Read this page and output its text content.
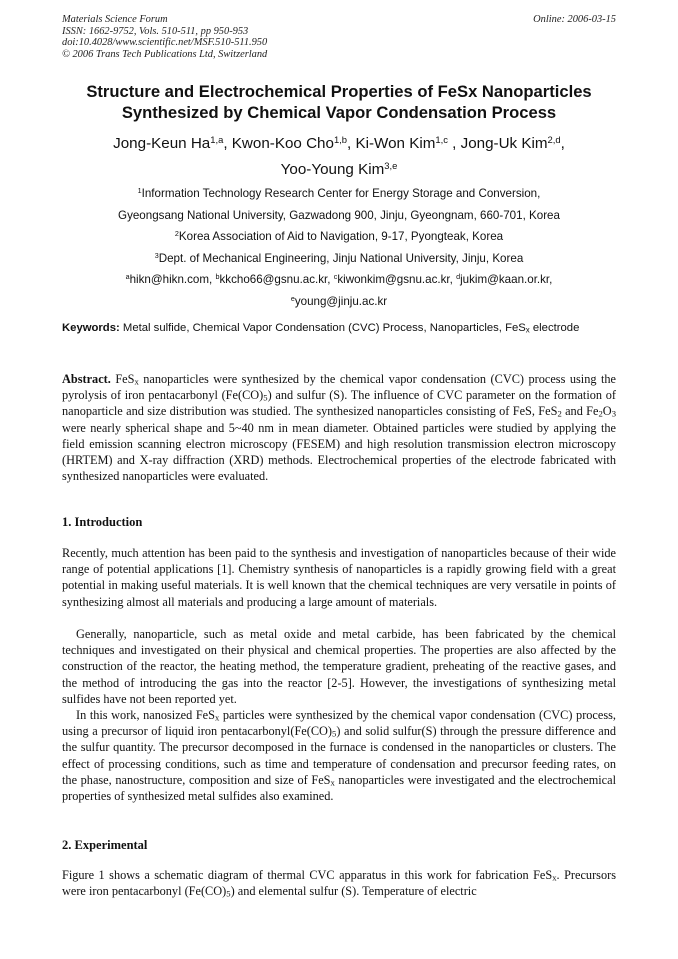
Materials Science Forum
ISSN: 1662-9752, Vols. 510-511, pp 950-953
doi:10.4028/www.scientific.net/MSF.510-511.950
© 2006 Trans Tech Publications Ltd, Switzerland
Online: 2006-03-15
Structure and Electrochemical Properties of FeSx Nanoparticles
Synthesized by Chemical Vapor Condensation Process
Jong-Keun Ha$^{1,a}$, Kwon-Koo Cho$^{1,b}$, Ki-Won Kim$^{1,c}$ , Jong-Uk Kim$^{2,d}$,
Yoo-Young Kim$^{3,e}$
$^1$Information Technology Research Center for Energy Storage and Conversion,
Gyeongsang National University, Gazwadong 900, Jinju, Gyeongnam, 660-701, Korea
$^2$Korea Association of Aid to Navigation, 9-17, Pyongteak, Korea
$^3$Dept. of Mechanical Engineering, Jinju National University, Jinju, Korea
$^a$hikn@hikn.com, $^b$kkcho66@gsnu.ac.kr, $^c$kiwonkim@gsnu.ac.kr, $^d$jukim@kaan.or.kr,
$^e$young@jinju.ac.kr
Keywords: Metal sulfide, Chemical Vapor Condensation (CVC) Process, Nanoparticles, FeS$_x$ electrode
Abstract. FeS$_x$ nanoparticles were synthesized by the chemical vapor condensation (CVC) process using the pyrolysis of iron pentacarbonyl $(Fe(CO)_5)$ and sulfur (S). The influence of CVC parameter on the formation of nanoparticle and size distribution was studied. The synthesized nanoparticles consisting of FeS, FeS$_2$ and $Fe_2O_3$ were nearly spherical shape and 5~40 nm in mean diameter. Obtained particles were studied by applying the field emission scanning electron microscopy (FESEM) and high resolution transmission electron microscopy (HRTEM) and X-ray diffraction (XRD) methods. Electrochemical properties of the electrode fabricated with synthesized nanoparticles were evaluated.
1. Introduction
Recently, much attention has been paid to the synthesis and investigation of nanoparticles because of their wide range of potential applications [1]. Chemistry synthesis of nanoparticles is a rapidly growing field with a great potential in making useful materials. It is well known that the chemical techniques are very versatile in points of synthesizing almost all materials and producing a large amount of materials.
Generally, nanoparticle, such as metal oxide and metal carbide, has been fabricated by the chemical techniques and investigated on their physical and chemical properties. The properties are also affected by the construction of the reactor, the heating method, the temperature gradient, preheating of the reactive gases, and the method of introducing the gas into the reactor [2-5]. However, the investigations of synthesizing metal sulfides have not been reported yet.
In this work, nanosized FeS$_x$ particles were synthesized by the chemical vapor condensation (CVC) process, using a precursor of liquid iron $pentacarbonyl(Fe(CO)_5)$ and solid sulfur(S) through the pressure difference and the sulfur quantity. The precursor decomposed in the furnace is condensed in the nanoparticles or clusters. The effect of processing conditions, such as time and temperature of condensation and precursor feeding rates, on the phase, nanostructure, composition and size of FeS$_x$ nanoparticles were investigated and the electrochemical properties of synthesized metal sulfides also examined.
2. Experimental
Figure 1 shows a schematic diagram of thermal CVC apparatus in this work for fabrication FeS$_x$. Precursors were iron pentacarbonyl $(Fe(CO)_5)$ and elemental sulfur (S). Temperature of electric
